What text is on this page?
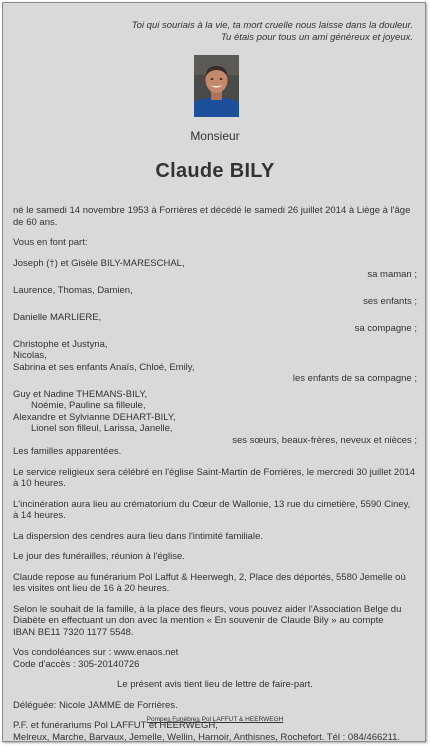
Toi qui souriais à la vie, ta mort cruelle nous laisse dans la douleur.
Tu étais pour tous un ami généreux et joyeux.
Monsieur
Claude BILY

né le samedi 14 novembre 1953 à Forrières et décédé le samedi 26 juillet 2014 à Liège à l'âge de 60 ans.

Vous en font part:

Joseph (†) et Gisèle BILY-MARESCHAL,

sa maman ;

Laurence, Thomas, Damien,

ses enfants ;

Danielle MARLIERE,

sa compagne ;

Christophe et Justyna,

Nicolas,

Sabrina et ses enfants Anaïs, Chloé, Emily,

les enfants de sa compagne ;

Guy et Nadine THEMANS-BILY,

Noémie, Pauline sa filleule,

Alexandre et Sylvianne DEHART-BILY,

Lionel son filleul, Larissa, Janelle,

ses sœurs, beaux-frères, neveux et nièces ;

Les familles apparentées.

Le service religieux sera célébré en l'église Saint-Martin de Forrières, le mercredi 30 juillet 2014 à 10 heures.

L'incinération aura lieu au crématorium du Cœur de Wallonie, 13 rue du cimetière, 5590 Ciney, à 14 heures.

La dispersion des cendres aura lieu dans l'intimité familiale.

Le jour des funérailles, réunion à l'église.

Claude repose au funérarium Pol Laffut & Heerwegh, 2, Place des déportés, 5580 Jemelle où les visites ont lieu de 16 à 20 heures.

Selon le souhait de la famille, à la place des fleurs, vous pouvez aider l'Association Belge du

Diabète en effectuant un don avec la mention « En souvenir de Claude Bily » au compte

IBAN BE11 7320 1177 5548.

Vos condoléances sur : www.enaos.net

Code d'accès : 305-20140726

Le présent avis tient lieu de lettre de faire-part.

Déléguée: Nicole JAMME de Forrières.

P.F. et funérariums Pol LAFFUT et HEERWEGH,

Melreux, Marche, Barvaux, Jemelle, Wellin, Harnoir, Anthisnes, Rochefort. Tél : 084/466211.

Pompes Funèbres Pol LAFFUT & HEERWEGH
